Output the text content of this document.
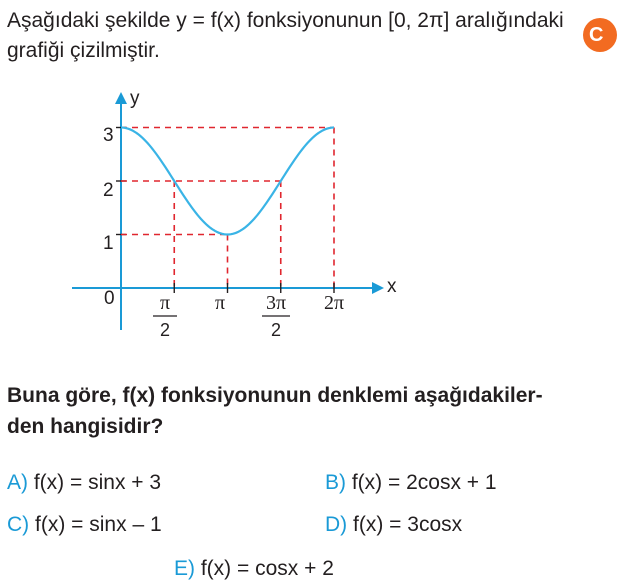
Aşağıdaki şekilde y = f(x) fonksiyonunun [0, 2π] aralığındaki
grafiği çizilmiştir.
C
x
y
0
1
2
3
π
2
π 3π
2
2π
Buna göre, f(x) fonksiyonunun denklemi aşağıdakiler-
den hangisidir?
A) f(x) = sinx + 3	B) f(x) = 2cosx + 1
C) f(x) = sinx – 1	D) f(x) = 3cosx
E) f(x) = cosx + 2
